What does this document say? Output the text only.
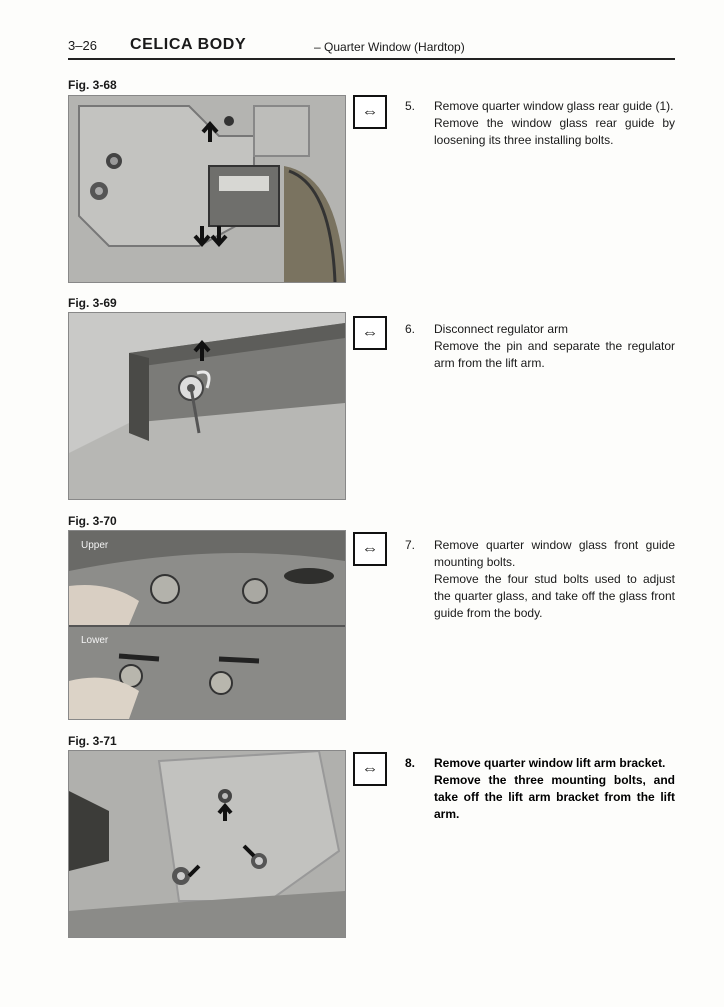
3–26 CELICA BODY	– Quarter Window (Hardtop)
Fig. 3-68
⇔	5. Remove quarter window glass rear guide (1).

Remove the window glass rear guide by loosening its three installing bolts.

Fig. 3-69
⇔	6. Disconnect regulator arm

Remove the pin and separate the regulator arm from the lift arm.

Fig. 3-70
Upper
Lower
⇔	7. Remove quarter window glass front guide mounting bolts.

Remove the four stud bolts used to adjust the quarter glass, and take off the glass front guide from the body.

Fig. 3-71
⇔	8. Remove quarter window lift arm bracket.

Remove the three mounting bolts, and take off the lift arm bracket from the lift arm.
